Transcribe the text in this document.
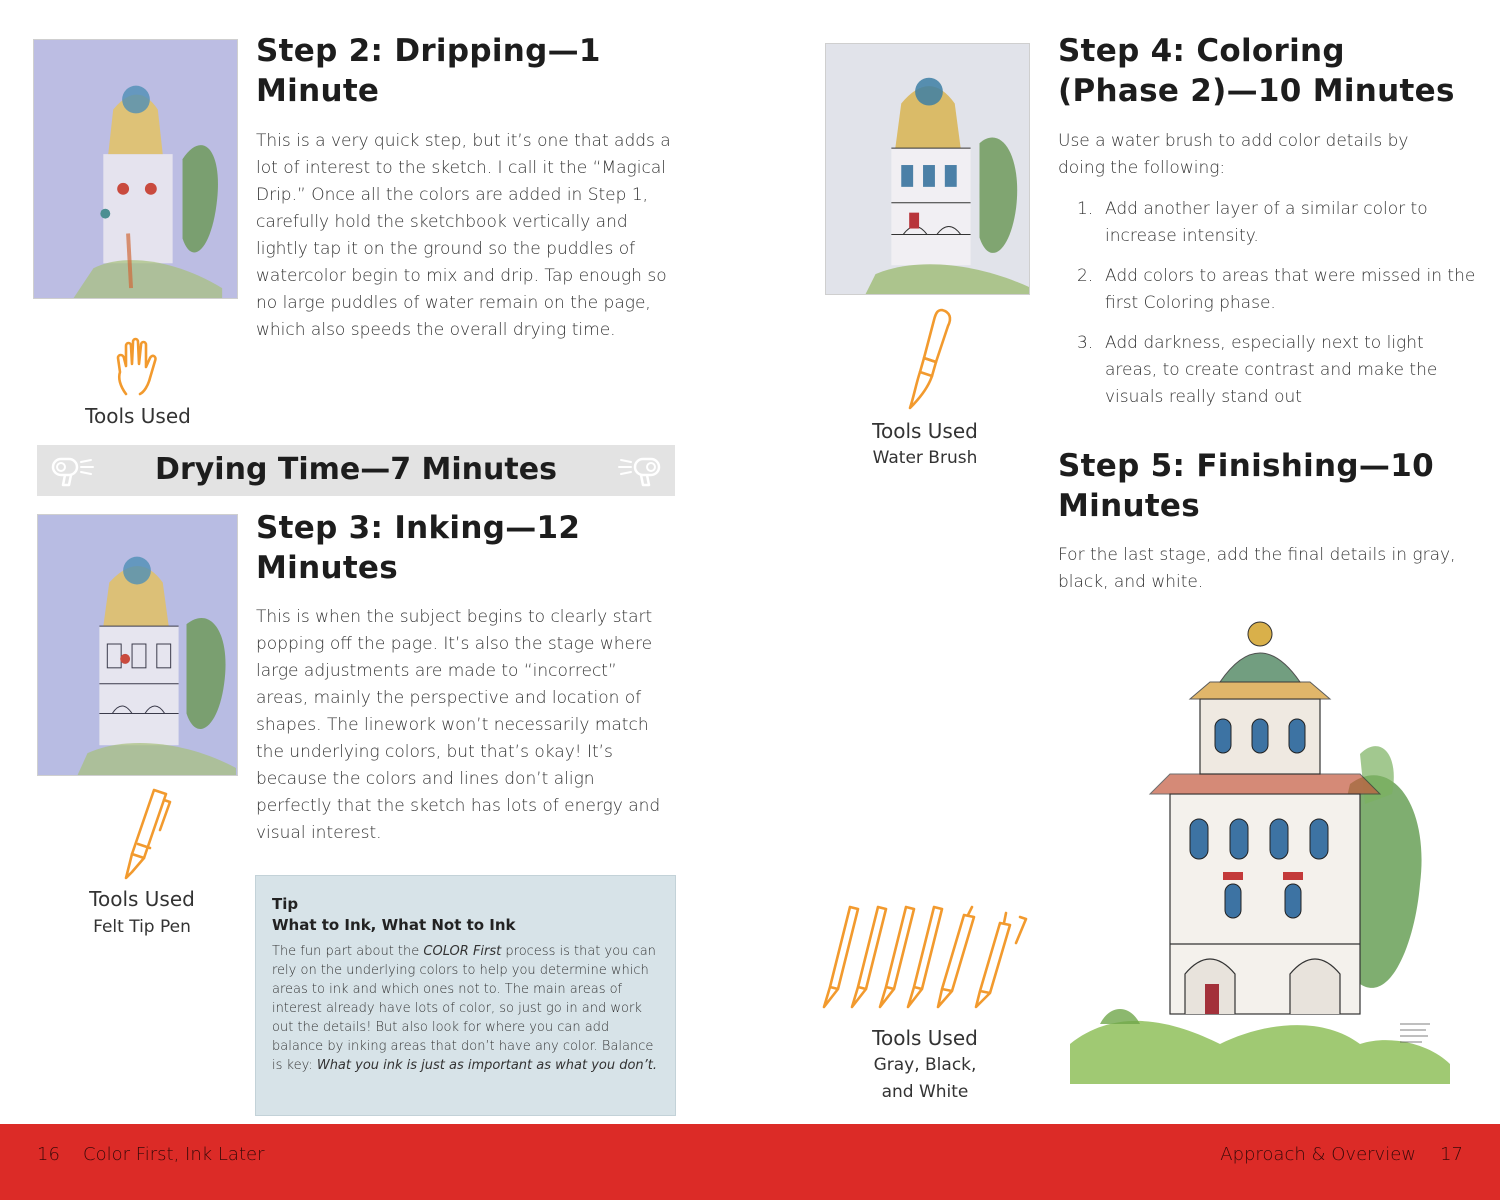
Step 2: Dripping—1
Minute

This is a very quick step, but it’s one that adds a lot of interest to the sketch. I call it the “Magical Drip.” Once all the colors are added in Step 1, carefully hold the sketchbook vertically and lightly tap it on the ground so the puddles of watercolor begin to mix and drip. Tap enough so no large puddles of water remain on the page, which also speeds the overall drying time.

Tools Used
Drying Time—7 Minutes
Step 3: Inking—12
Minutes

This is when the subject begins to clearly start popping off the page. It’s also the stage where large adjustments are made to “incorrect” areas, mainly the perspective and location of shapes. The linework won’t necessarily match the underlying colors, but that’s okay! It’s because the colors and lines don’t align perfectly that the sketch has lots of energy and visual interest.

Tools Used
Felt Tip Pen
Tip
What to Ink, What Not to Ink

The fun part about the COLOR First process is that you can rely on the underlying colors to help you determine which areas to ink and which ones not to. The main areas of interest already have lots of color, so just go in and work out the details! But also look for where you can add balance by inking areas that don’t have any color. Balance is key: What you ink is just as important as what you don’t.

Tools Used
Water Brush
Step 4: Coloring
(Phase 2)—10 Minutes

Use a water brush to add color details by doing the following:

1. Add another layer of a similar color to increase intensity.
2. Add colors to areas that were missed in the first Coloring phase.
3. Add darkness, especially next to light areas, to create contrast and make the visuals really stand out
Step 5: Finishing—10
Minutes

For the last stage, add the final details in gray, black, and white.

Tools Used
Gray, Black,
and White
16 Color First, Ink Later	Approach & Overview 17
